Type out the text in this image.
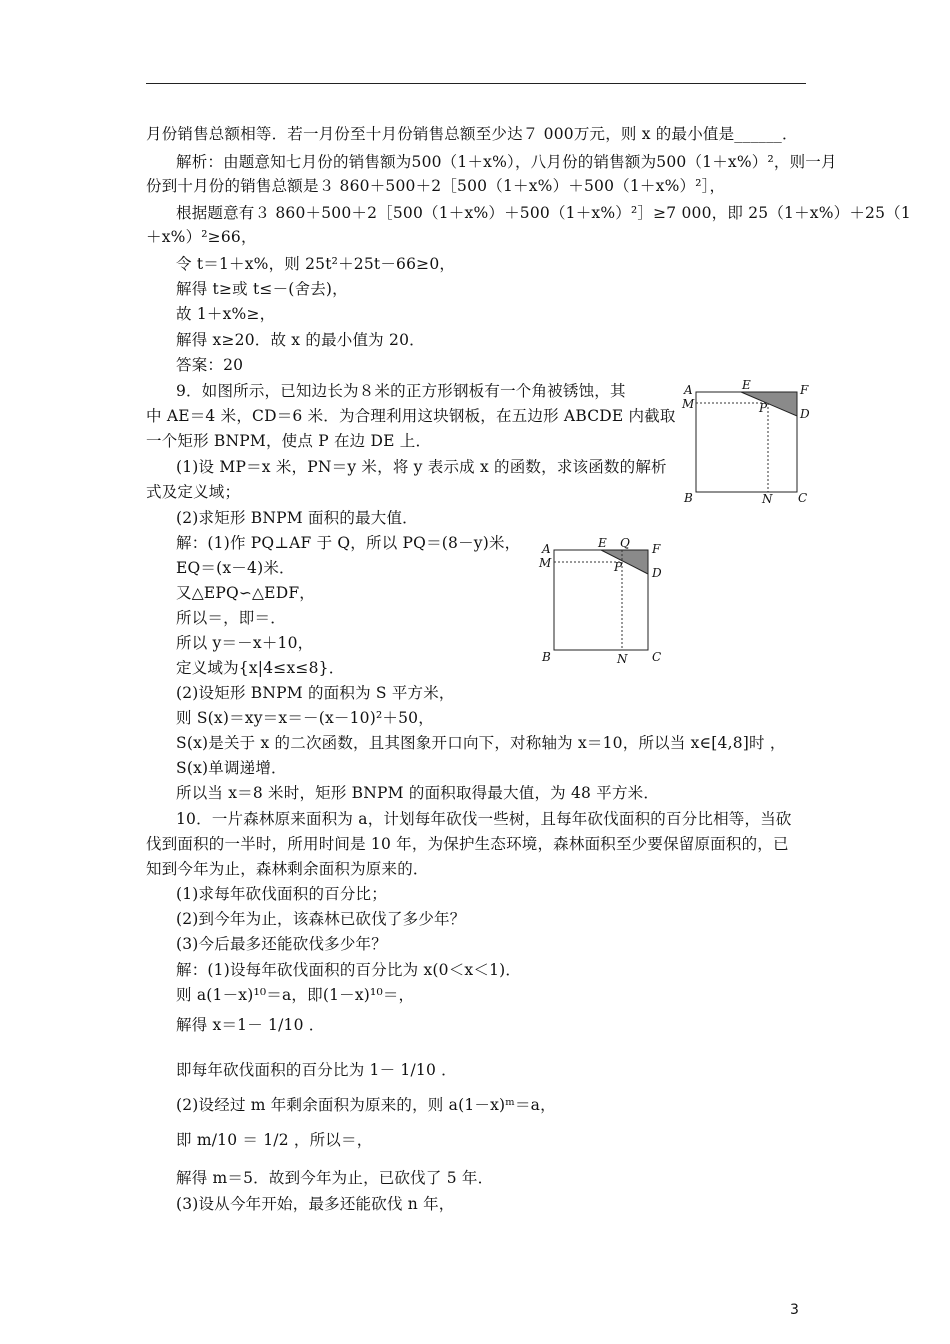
月份销售总额相等．若一月份至十月份销售总额至少达７ 000万元，则 x 的最小值是______．
解析：由题意知七月份的销售额为500（1＋x%），八月份的销售额为500（1＋x%）²，则一月
份到十月份的销售总额是３ 860＋500＋2［500（1＋x%）＋500（1＋x%）²］，
根据题意有３ 860＋500＋2［500（1＋x%）＋500（1＋x%）²］≥7 000，即 25（1＋x%）＋25（1
＋x%）²≥66，
令 t＝1＋x%，则 25t²＋25t－66≥0，
解得 t≥或 t≤－(舍去)，
故 1＋x%≥，
解得 x≥20．故 x 的最小值为 20．
答案：20
9．如图所示，已知边长为８米的正方形钢板有一个角被锈蚀，其
中 AE＝4 米，CD＝6 米．为合理利用这块钢板，在五边形 ABCDE 内截取
一个矩形 BNPM，使点 P 在边 DE 上．
(1)设 MP＝x 米，PN＝y 米，将 y 表示成 x 的函数，求该函数的解析
式及定义域；
(2)求矩形 BNPM 面积的最大值．
解：(1)作 PQ⊥AF 于 Q，所以 PQ＝(8－y)米，
EQ＝(x－4)米．
又△EPQ∽△EDF，
所以＝，即＝．
所以 y＝－x＋10，
定义域为{x|4≤x≤8}．
(2)设矩形 BNPM 的面积为 S 平方米，
则 S(x)＝xy＝x＝－(x－10)²＋50，
S(x)是关于 x 的二次函数，且其图象开口向下，对称轴为 x＝10，所以当 x∈[4,8]时 ，
S(x)单调递增．
所以当 x＝8 米时，矩形 BNPM 的面积取得最大值，为 48 平方米．
10．一片森林原来面积为 a，计划每年砍伐一些树，且每年砍伐面积的百分比相等，当砍
伐到面积的一半时，所用时间是 10 年，为保护生态环境，森林面积至少要保留原面积的，已
知到今年为止，森林剩余面积为原来的．
(1)求每年砍伐面积的百分比；
(2)到今年为止，该森林已砍伐了多少年？
(3)今后最多还能砍伐多少年？
解：(1)设每年砍伐面积的百分比为 x(0＜x＜1)．
则 a(1－x)¹⁰＝a，即(1－x)¹⁰＝，
解得 x＝1－ 1/10 ．
即每年砍伐面积的百分比为 1－ 1/10 ．
(2)设经过 m 年剩余面积为原来的，则 a(1－x)ᵐ＝a，
即 m/10 ＝ 1/2 ，所以＝，
解得 m＝5．故到今年为止，已砍伐了 5 年．
(3)设从今年开始，最多还能砍伐 n 年，
A	E	F
M	P	D
B	N C
A	E Q F
M	P D
B	N C
3
